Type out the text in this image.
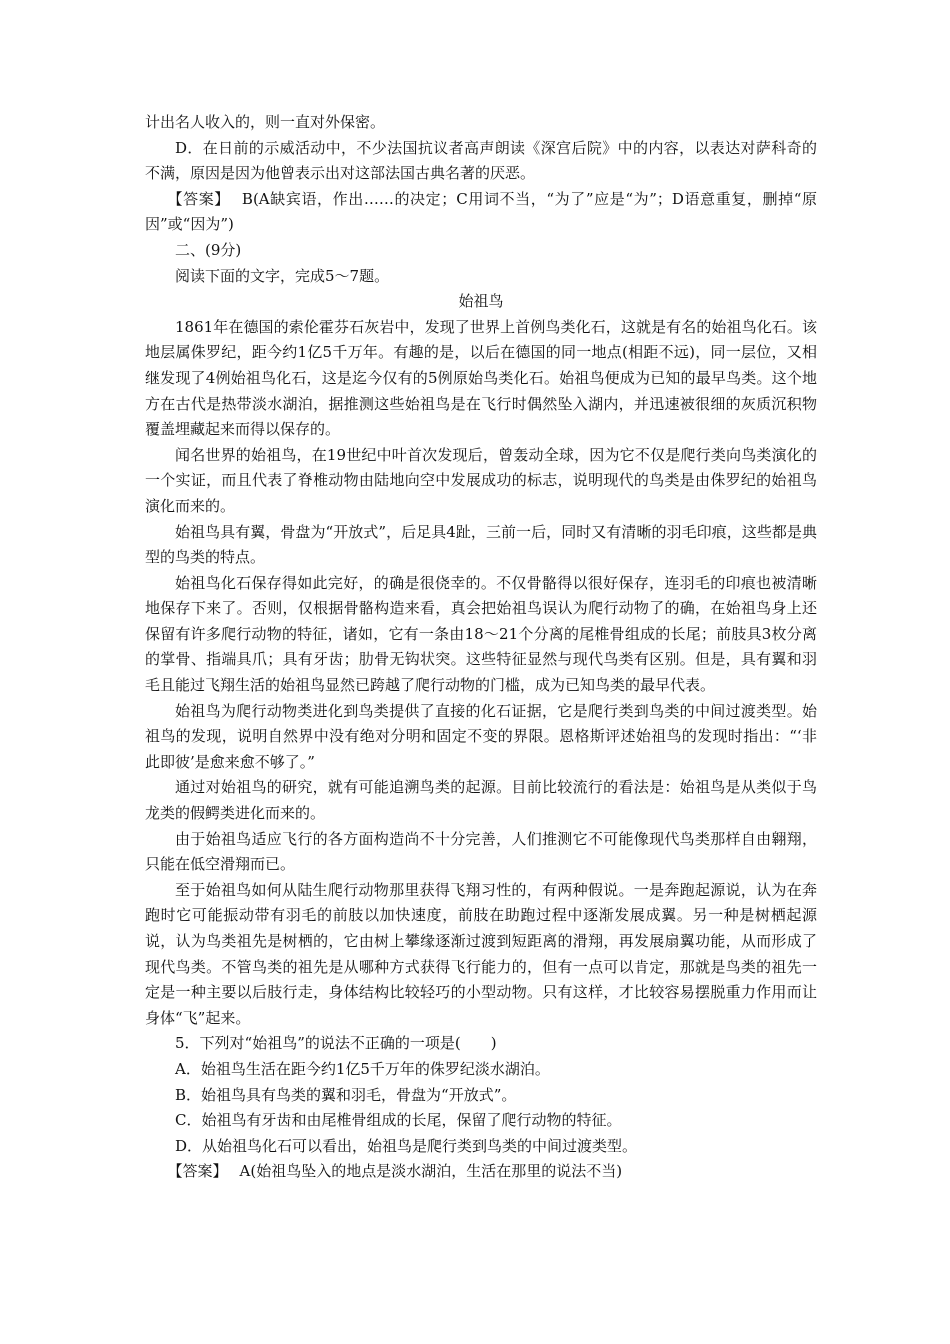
计出名人收入的，则一直对外保密。

D．在日前的示威活动中，不少法国抗议者高声朗读《深宫后院》中的内容，以表达对萨科奇的不满，原因是因为他曾表示出对这部法国古典名著的厌恶。

【答案】 B(A缺宾语，作出……的决定；C用词不当，“为了”应是“为”；D语意重复，删掉“原因”或“因为”)

二、(9分)

阅读下面的文字，完成5～7题。

始祖鸟

1861年在德国的索伦霍芬石灰岩中，发现了世界上首例鸟类化石，这就是有名的始祖鸟化石。该地层属侏罗纪，距今约1亿5千万年。有趣的是，以后在德国的同一地点(相距不远)，同一层位，又相继发现了4例始祖鸟化石，这是迄今仅有的5例原始鸟类化石。始祖鸟便成为已知的最早鸟类。这个地方在古代是热带淡水湖泊，据推测这些始祖鸟是在飞行时偶然坠入湖内，并迅速被很细的灰质沉积物覆盖埋藏起来而得以保存的。

闻名世界的始祖鸟，在19世纪中叶首次发现后，曾轰动全球，因为它不仅是爬行类向鸟类演化的一个实证，而且代表了脊椎动物由陆地向空中发展成功的标志，说明现代的鸟类是由侏罗纪的始祖鸟演化而来的。

始祖鸟具有翼，骨盘为“开放式”，后足具4趾，三前一后，同时又有清晰的羽毛印痕，这些都是典型的鸟类的特点。

始祖鸟化石保存得如此完好，的确是很侥幸的。不仅骨骼得以很好保存，连羽毛的印痕也被清晰地保存下来了。否则，仅根据骨骼构造来看，真会把始祖鸟误认为爬行动物了的确，在始祖鸟身上还保留有许多爬行动物的特征，诸如，它有一条由18～21个分离的尾椎骨组成的长尾；前肢具3枚分离的掌骨、指端具爪；具有牙齿；肋骨无钩状突。这些特征显然与现代鸟类有区别。但是，具有翼和羽毛且能过飞翔生活的始祖鸟显然已跨越了爬行动物的门槛，成为已知鸟类的最早代表。

始祖鸟为爬行动物类进化到鸟类提供了直接的化石证据，它是爬行类到鸟类的中间过渡类型。始祖鸟的发现，说明自然界中没有绝对分明和固定不变的界限。恩格斯评述始祖鸟的发现时指出：“‘非此即彼’是愈来愈不够了。”

通过对始祖鸟的研究，就有可能追溯鸟类的起源。目前比较流行的看法是：始祖鸟是从类似于鸟龙类的假鳄类进化而来的。

由于始祖鸟适应飞行的各方面构造尚不十分完善，人们推测它不可能像现代鸟类那样自由翱翔，只能在低空滑翔而已。

至于始祖鸟如何从陆生爬行动物那里获得飞翔习性的，有两种假说。一是奔跑起源说，认为在奔跑时它可能振动带有羽毛的前肢以加快速度，前肢在助跑过程中逐渐发展成翼。另一种是树栖起源说，认为鸟类祖先是树栖的，它由树上攀缘逐渐过渡到短距离的滑翔，再发展扇翼功能，从而形成了现代鸟类。不管鸟类的祖先是从哪种方式获得飞行能力的，但有一点可以肯定，那就是鸟类的祖先一定是一种主要以后肢行走，身体结构比较轻巧的小型动物。只有这样，才比较容易摆脱重力作用而让身体“飞”起来。

5．下列对“始祖鸟”的说法不正确的一项是(　　)

A．始祖鸟生活在距今约1亿5千万年的侏罗纪淡水湖泊。

B．始祖鸟具有鸟类的翼和羽毛，骨盘为“开放式”。

C．始祖鸟有牙齿和由尾椎骨组成的长尾，保留了爬行动物的特征。

D．从始祖鸟化石可以看出，始祖鸟是爬行类到鸟类的中间过渡类型。

【答案】 A(始祖鸟坠入的地点是淡水湖泊，生活在那里的说法不当)
